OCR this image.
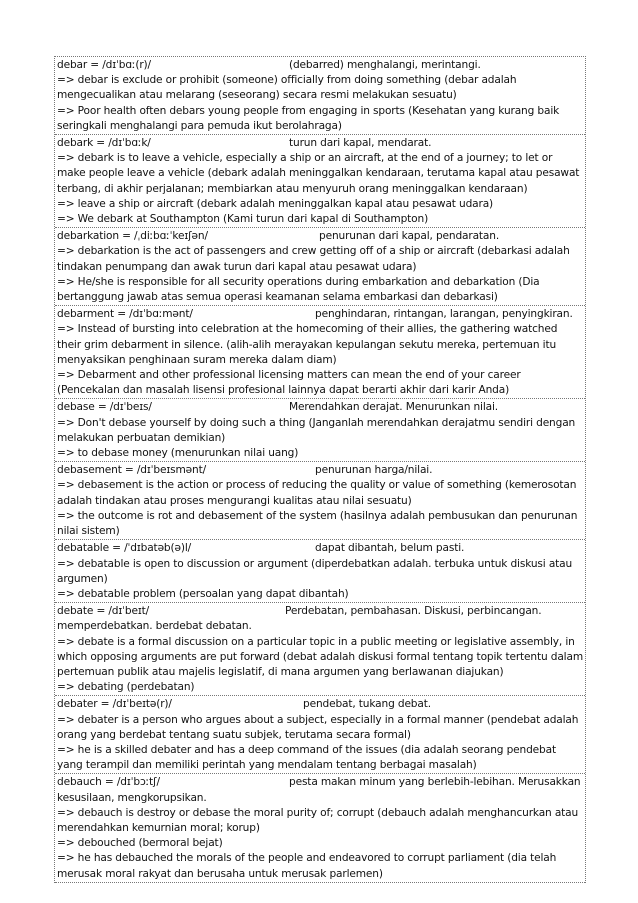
debar = /dɪˈbɑː(r)/	(debarred) menghalangi, merintangi.
=> debar is exclude or prohibit (someone) officially from doing something (debar adalah mengecualikan atau melarang (seseorang) secara resmi melakukan sesuatu)
=> Poor health often debars young people from engaging in sports (Kesehatan yang kurang baik seringkali menghalangi para pemuda ikut berolahraga)
debark = /dɪˈbɑːk/	turun dari kapal, mendarat.
=> debark is to leave a vehicle, especially a ship or an aircraft, at the end of a journey; to let or make people leave a vehicle (debark adalah meninggalkan kendaraan, terutama kapal atau pesawat terbang, di akhir perjalanan; membiarkan atau menyuruh orang meninggalkan kendaraan)
=> leave a ship or aircraft (debark adalah meninggalkan kapal atau pesawat udara)
=> We debark at Southampton (Kami turun dari kapal di Southampton)
debarkation = /ˌdiːbɑːˈkeɪʃən/	penurunan dari kapal, pendaratan.
=> debarkation is the act of passengers and crew getting off of a ship or aircraft (debarkasi adalah tindakan penumpang dan awak turun dari kapal atau pesawat udara)
=> He/she is responsible for all security operations during embarkation and debarkation (Dia bertanggung jawab atas semua operasi keamanan selama embarkasi dan debarkasi)
debarment = /dɪˈbɑːmənt/	penghindaran, rintangan, larangan, penyingkiran.
=> Instead of bursting into celebration at the homecoming of their allies, the gathering watched their grim debarment in silence. (alih-alih merayakan kepulangan sekutu mereka, pertemuan itu menyaksikan penghinaan suram mereka dalam diam)
=> Debarment and other professional licensing matters can mean the end of your career (Pencekalan dan masalah lisensi profesional lainnya dapat berarti akhir dari karir Anda)
debase = /dɪˈbeɪs/	Merendahkan derajat. Menurunkan nilai.
=> Don't debase yourself by doing such a thing (Janganlah merendahkan derajatmu sendiri dengan melakukan perbuatan demikian)
=> to debase money (menurunkan nilai uang)
debasement = /dɪˈbeɪsmənt/	penurunan harga/nilai.
=> debasement is the action or process of reducing the quality or value of something (kemerosotan adalah tindakan atau proses mengurangi kualitas atau nilai sesuatu)
=> the outcome is rot and debasement of the system (hasilnya adalah pembusukan dan penurunan nilai sistem)
debatable = /ˈdɪbatəb(ə)l/	dapat dibantah, belum pasti.
=> debatable is open to discussion or argument (diperdebatkan adalah. terbuka untuk diskusi atau argumen)
=> debatable problem (persoalan yang dapat dibantah)
debate = /dɪˈbeɪt/	Perdebatan, pembahasan. Diskusi, perbincangan. memperdebatkan. berdebat debatan.
=> debate is a formal discussion on a particular topic in a public meeting or legislative assembly, in which opposing arguments are put forward (debat adalah diskusi formal tentang topik tertentu dalam pertemuan publik atau majelis legislatif, di mana argumen yang berlawanan diajukan)
=> debating (perdebatan)
debater = /dɪˈbeɪtə(r)/	pendebat, tukang debat.
=> debater is a person who argues about a subject, especially in a formal manner (pendebat adalah orang yang berdebat tentang suatu subjek, terutama secara formal)
=> he is a skilled debater and has a deep command of the issues (dia adalah seorang pendebat yang terampil dan memiliki perintah yang mendalam tentang berbagai masalah)
debauch = /dɪˈbɔːtʃ/	pesta makan minum yang berlebih-lebihan. Merusakkan kesusilaan, mengkorupsikan.
=> debauch is destroy or debase the moral purity of; corrupt (debauch adalah menghancurkan atau merendahkan kemurnian moral; korup)
=> debouched (bermoral bejat)
=> he has debauched the morals of the people and endeavored to corrupt parliament (dia telah merusak moral rakyat dan berusaha untuk merusak parlemen)
